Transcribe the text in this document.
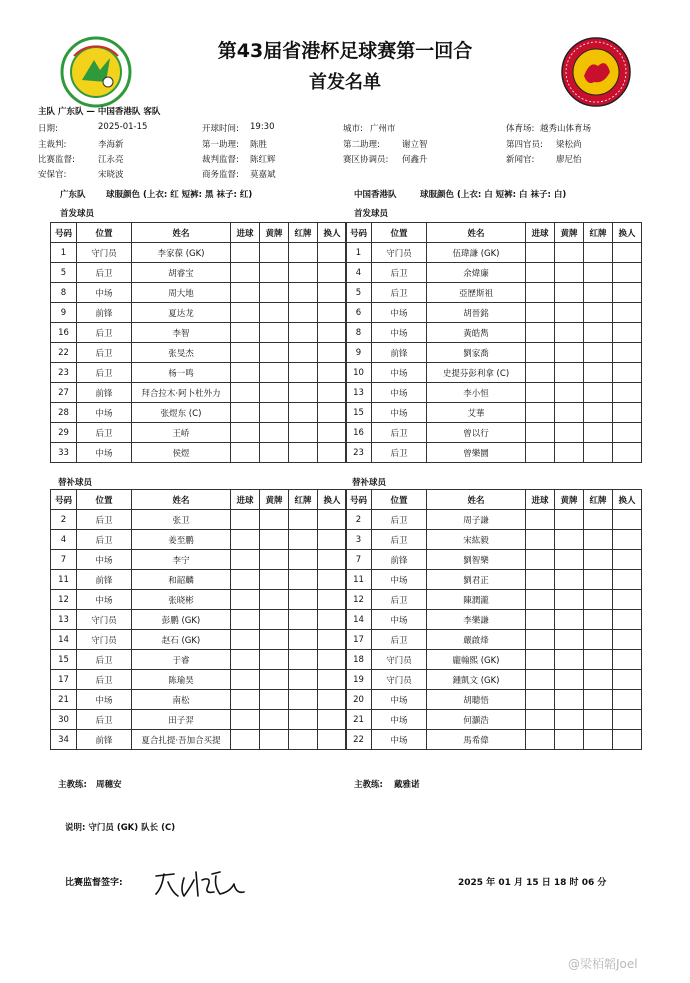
第43届省港杯足球赛第一回合
首发名单
主队 广东队 — 中国香港队 客队
日期:	2025-01-15	开球时间: 19:30	城市: 广州市	体育场: 越秀山体育场
主裁判:	李海新	第一助理: 陈胜	第二助理:	谢立智	第四官员: 梁松尚
比赛监督:	江永亮	裁判监督: 陈红辉	赛区协调员: 何鑫升	新闻官:	廖尼怡
安保官:	宋晓波	商务监督: 莫嘉斌
广东队 球服颜色 (上衣: 红 短裤: 黑 袜子: 红)	中国香港队	球服颜色 (上衣: 白 短裤: 白 袜子: 白)
首发球员	首发球员
号码	位置	姓名	进球	黄牌	红牌	换人
1	守门员	李家葆 (GK)				
5	后卫	胡睿宝				
8	中场	周大地				
9	前锋	夏达龙				
16	后卫	李智				
22	后卫	张旻杰				
23	后卫	杨一鸣				
27	前锋	拜合拉木·阿卜杜外力				
28	中场	张煜东 (C)				
29	后卫	王峤				
33	中场	侯煜				
号码	位置	姓名	进球	黄牌	红牌	换人
1	守门员	伍瑋謙 (GK)				
4	后卫	余煒廉				
5	后卫	亞歷斯祖				
6	中场	胡晉銘				
8	中场	黃皓雋				
9	前锋	劉家喬				
10	中场	史提芬彭利拿 (C)				
13	中场	李小恒				
15	中场	艾華				
16	后卫	曾以行				
23	后卫	曾樂圜				
替补球员	替补球员
号码	位置	姓名	进球	黄牌	红牌	换人
2	后卫	张卫				
4	后卫	姜至鹏				
7	中场	李宁				
11	前锋	和韶麟				
12	中场	张晓彬				
13	守门员	彭鹏 (GK)				
14	守门员	赵石 (GK)				
15	后卫	于睿				
17	后卫	陈瑜昊				
21	中场	南松				
30	后卫	田子羿				
34	前锋	夏合扎提·吾加合买提				
号码	位置	姓名	进球	黄牌	红牌	换人
2	后卫	周子謙				
3	后卫	宋紘毅				
7	前锋	劉智樂				
11	中场	劉君正				
12	后卫	陳潤瀧				
14	中场	李樂謙				
17	后卫	嚴啟烽				
18	守门员	龐翰熙 (GK)				
19	守门员	鍾凱文 (GK)				
20	中场	胡聰悟				
21	中场	何灝浩				
22	中场	馬希偉				
主教练: 周穗安	主教练: 戴雅诺
说明: 守门员 (GK) 队长 (C)
比赛监督签字:	2025 年 01 月 15 日 18 时 06 分
@梁栢韜Joel
